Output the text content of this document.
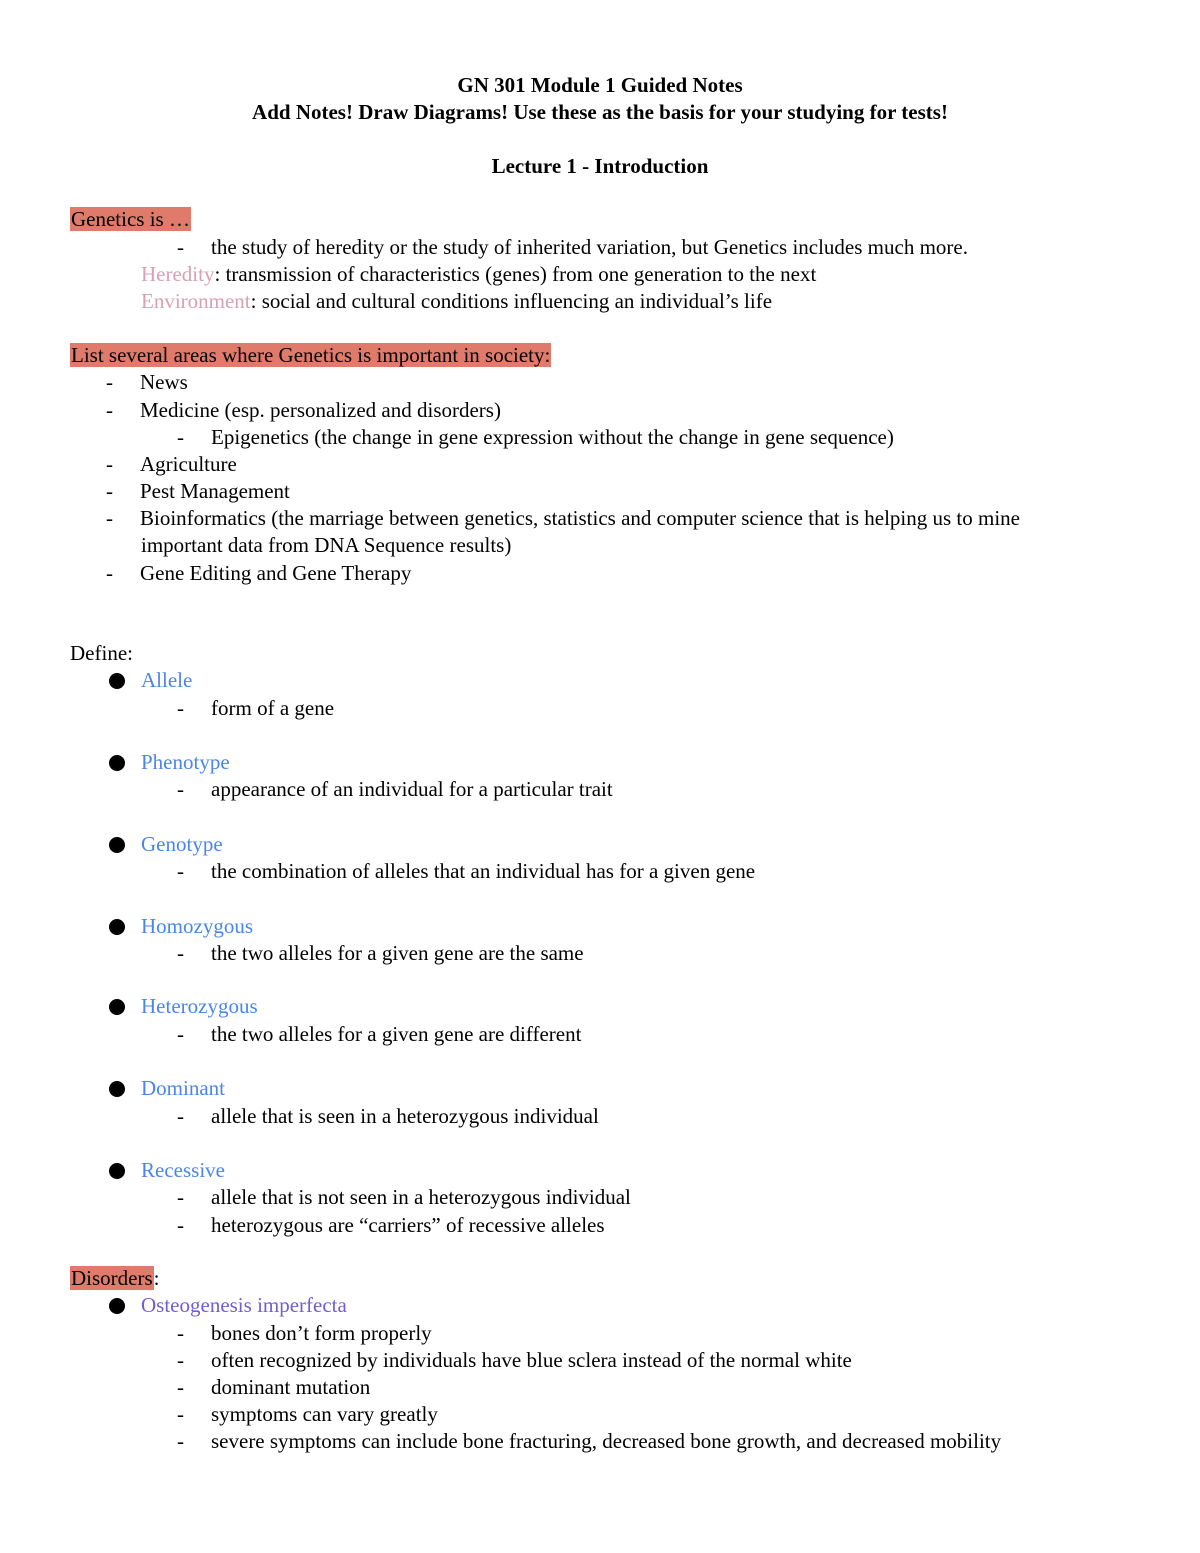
GN 301 Module 1 Guided Notes
Add Notes! Draw Diagrams! Use these as the basis for your studying for tests!
Lecture 1 - Introduction
Genetics is …
- the study of heredity or the study of inherited variation, but Genetics includes much more.
Heredity: transmission of characteristics (genes) from one generation to the next
Environment: social and cultural conditions influencing an individual’s life
List several areas where Genetics is important in society:
- News
- Medicine (esp. personalized and disorders)
- Epigenetics (the change in gene expression without the change in gene sequence)
- Agriculture
- Pest Management
- Bioinformatics (the marriage between genetics, statistics and computer science that is helping us to mine
important data from DNA Sequence results)
- Gene Editing and Gene Therapy
Define:
Allele
- form of a gene
Phenotype
- appearance of an individual for a particular trait
Genotype
- the combination of alleles that an individual has for a given gene
Homozygous
- the two alleles for a given gene are the same
Heterozygous
- the two alleles for a given gene are different
Dominant
- allele that is seen in a heterozygous individual
Recessive
- allele that is not seen in a heterozygous individual
- heterozygous are “carriers” of recessive alleles
Disorders:
Osteogenesis imperfecta
- bones don’t form properly
- often recognized by individuals have blue sclera instead of the normal white
- dominant mutation
- symptoms can vary greatly
- severe symptoms can include bone fracturing, decreased bone growth, and decreased mobility
